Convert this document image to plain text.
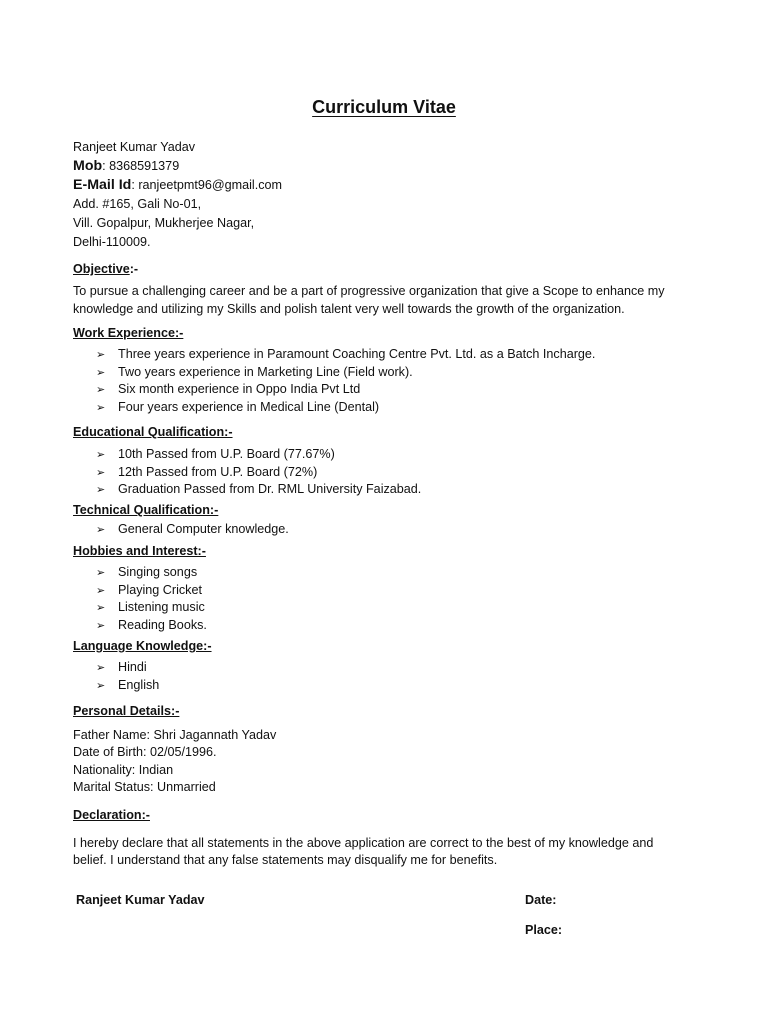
Curriculum Vitae
Ranjeet Kumar Yadav
Mob: 8368591379
E-Mail Id: ranjeetpmt96@gmail.com
Add. #165, Gali No-01,
Vill. Gopalpur, Mukherjee Nagar,
Delhi-110009.
Objective:-
To pursue a challenging career and be a part of progressive organization that give a Scope to enhance my
knowledge and utilizing my Skills and polish talent very well towards the growth of the organization.
Work Experience:-
➢ Three years experience in Paramount Coaching Centre Pvt. Ltd. as a Batch Incharge.
➢ Two years experience in Marketing Line (Field work).
➢ Six month experience in Oppo India Pvt Ltd
➢ Four years experience in Medical Line (Dental)
Educational Qualification:-
➢ 10th Passed from U.P. Board (77.67%)
➢ 12th Passed from U.P. Board (72%)
➢ Graduation Passed from Dr. RML University Faizabad.
Technical Qualification:-
➢ General Computer knowledge.
Hobbies and Interest:-
➢ Singing songs
➢ Playing Cricket
➢ Listening music
➢ Reading Books.
Language Knowledge:-
➢ Hindi
➢ English
Personal Details:-
Father Name: Shri Jagannath Yadav
Date of Birth: 02/05/1996.
Nationality: Indian
Marital Status: Unmarried
Declaration:-
I hereby declare that all statements in the above application are correct to the best of my knowledge and
belief. I understand that any false statements may disqualify me for benefits.
Ranjeet Kumar Yadav	Date:
Place:
